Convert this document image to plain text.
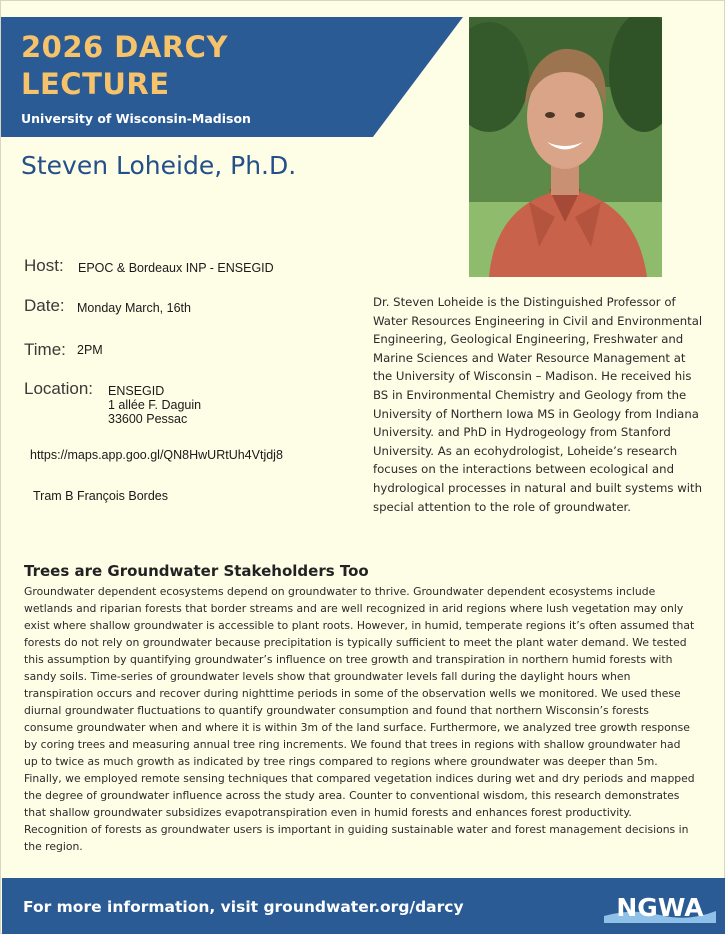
2026 DARCY
LECTURE

University of Wisconsin-Madison

Steven Loheide, Ph.D.

Host: EPOC & Bordeaux INP - ENSEGID

Date: Monday March, 16th

Time: 2PM

Location: ENSEGID

1 allée F. Daguin

33600 Pessac

https://maps.app.goo.gl/QN8HwURtUh4Vtjdj8

Tram B François Bordes

Dr. Steven Loheide is the Distinguished Professor of Water Resources Engineering in Civil and Environmental Engineering, Geological Engineering, Freshwater and Marine Sciences and Water Resource Management at the University of Wisconsin – Madison. He received his BS in Environmental Chemistry and Geology from the University of Northern Iowa MS in Geology from Indiana University. and PhD in Hydrogeology from Stanford University. As an ecohydrologist, Loheide’s research focuses on the interactions between ecological and hydrological processes in natural and built systems with special attention to the role of groundwater.

Trees are Groundwater Stakeholders Too

Groundwater dependent ecosystems depend on groundwater to thrive. Groundwater dependent ecosystems include wetlands and riparian forests that border streams and are well recognized in arid regions where lush vegetation may only exist where shallow groundwater is accessible to plant roots. However, in humid, temperate regions it’s often assumed that forests do not rely on groundwater because precipitation is typically sufficient to meet the plant water demand. We tested this assumption by quantifying groundwater’s influence on tree growth and transpiration in northern humid forests with sandy soils. Time-series of groundwater levels show that groundwater levels fall during the daylight hours when transpiration occurs and recover during nighttime periods in some of the observation wells we monitored. We used these diurnal groundwater fluctuations to quantify groundwater consumption and found that northern Wisconsin’s forests consume groundwater when and where it is within 3m of the land surface. Furthermore, we analyzed tree growth response by coring trees and measuring annual tree ring increments. We found that trees in regions with shallow groundwater had up to twice as much growth as indicated by tree rings compared to regions where groundwater was deeper than 5m. Finally, we employed remote sensing techniques that compared vegetation indices during wet and dry periods and mapped the degree of groundwater influence across the study area. Counter to conventional wisdom, this research demonstrates that shallow groundwater subsidizes evapotranspiration even in humid forests and enhances forest productivity. Recognition of forests as groundwater users is important in guiding sustainable water and forest management decisions in the region.

For more information, visit groundwater.org/darcy	NGWA
